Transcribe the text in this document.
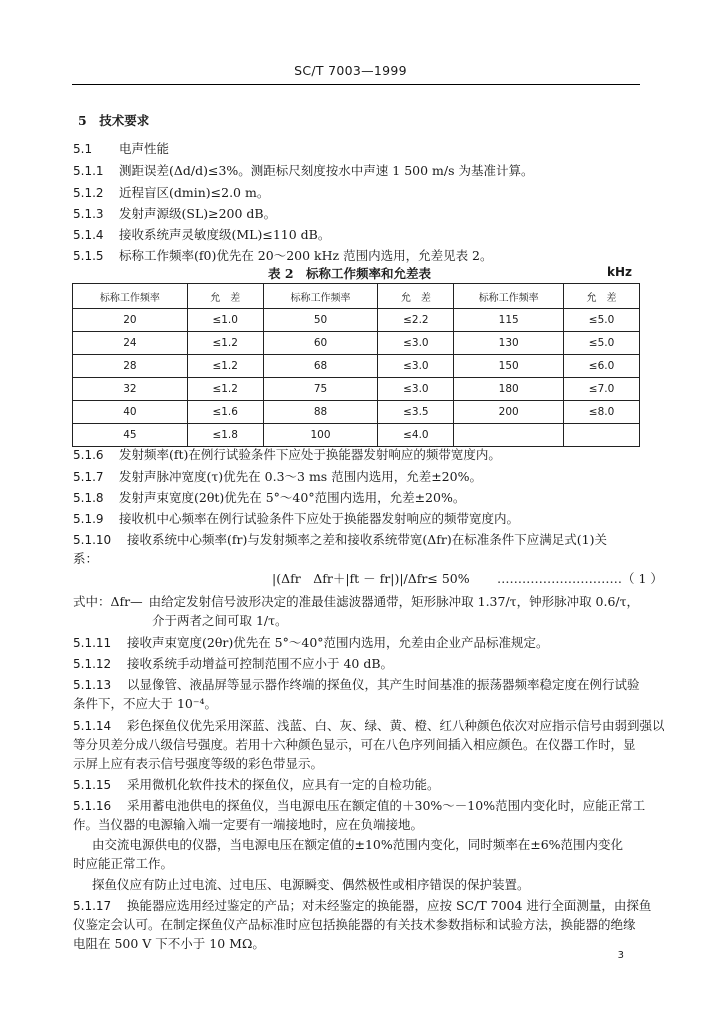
SC/T 7003—1999
5　 技术要求
5.1 电声性能
5.1.1 测距误差(Δd/d)≤3%。测距标尺刻度按水中声速 1 500 m/s 为基准计算。
5.1.2 近程盲区(dmin)≤2.0 m。
5.1.3 发射声源级(SL)≥200 dB。
5.1.4 接收系统声灵敏度级(ML)≤110 dB。
5.1.5 标称工作频率(f0)优先在 20～200 kHz 范围内选用，允差见表 2。
表 2　标称工作频率和允差表	kHz
标称工作频率	允　差	标称工作频率	允　差	标称工作频率	允　差
20	≤1.0	50	≤2.2	115	≤5.0
24	≤1.2	60	≤3.0	130	≤5.0
28	≤1.2	68	≤3.0	150	≤6.0
32	≤1.2	75	≤3.0	180	≤7.0
40	≤1.6	88	≤3.5	200	≤8.0
45	≤1.8	100	≤4.0		
5.1.6 发射频率(ft)在例行试验条件下应处于换能器发射响应的频带宽度内。
5.1.7 发射声脉冲宽度(τ)优先在 0.3～3 ms 范围内选用，允差±20%。
5.1.8 发射声束宽度(2θt)优先在 5°～40°范围内选用，允差±20%。
5.1.9 接收机中心频率在例行试验条件下应处于换能器发射响应的频带宽度内。
5.1.10 接收系统中心频率(fr)与发射频率之差和接收系统带宽(Δfr)在标准条件下应满足式(1)关
系：
|(Δfr　Δfr＋|ft － fr|)|/Δfr≤ 50% …………………………（ 1 ）
式中：Δfr— 由给定发射信号波形决定的准最佳滤波器通带，矩形脉冲取 1.37/τ，钟形脉冲取 0.6/τ，
介于两者之间可取 1/τ。
5.1.11 接收声束宽度(2θr)优先在 5°～40°范围内选用，允差由企业产品标准规定。
5.1.12 接收系统手动增益可控制范围不应小于 40 dB。
5.1.13 以显像管、液晶屏等显示器作终端的探鱼仪，其产生时间基准的振荡器频率稳定度在例行试验
条件下，不应大于 10⁻⁴。
5.1.14 彩色探鱼仪优先采用深蓝、浅蓝、白、灰、绿、黄、橙、红八种颜色依次对应指示信号由弱到强以
等分贝差分成八级信号强度。若用十六种颜色显示，可在八色序列间插入相应颜色。在仪器工作时，显
示屏上应有表示信号强度等级的彩色带显示。
5.1.15 采用微机化软件技术的探鱼仪，应具有一定的自检功能。
5.1.16 采用蓄电池供电的探鱼仪，当电源电压在额定值的＋30%～－10%范围内变化时，应能正常工
作。当仪器的电源输入端一定要有一端接地时，应在负端接地。
由交流电源供电的仪器，当电源电压在额定值的±10%范围内变化，同时频率在±6%范围内变化
时应能正常工作。
探鱼仪应有防止过电流、过电压、电源瞬变、偶然极性或相序错误的保护装置。
5.1.17 换能器应选用经过鉴定的产品；对未经鉴定的换能器，应按 SC/T 7004 进行全面测量，由探鱼
仪鉴定会认可。在制定探鱼仪产品标准时应包括换能器的有关技术参数指标和试验方法，换能器的绝缘
电阻在 500 V 下不小于 10 MΩ。
3
